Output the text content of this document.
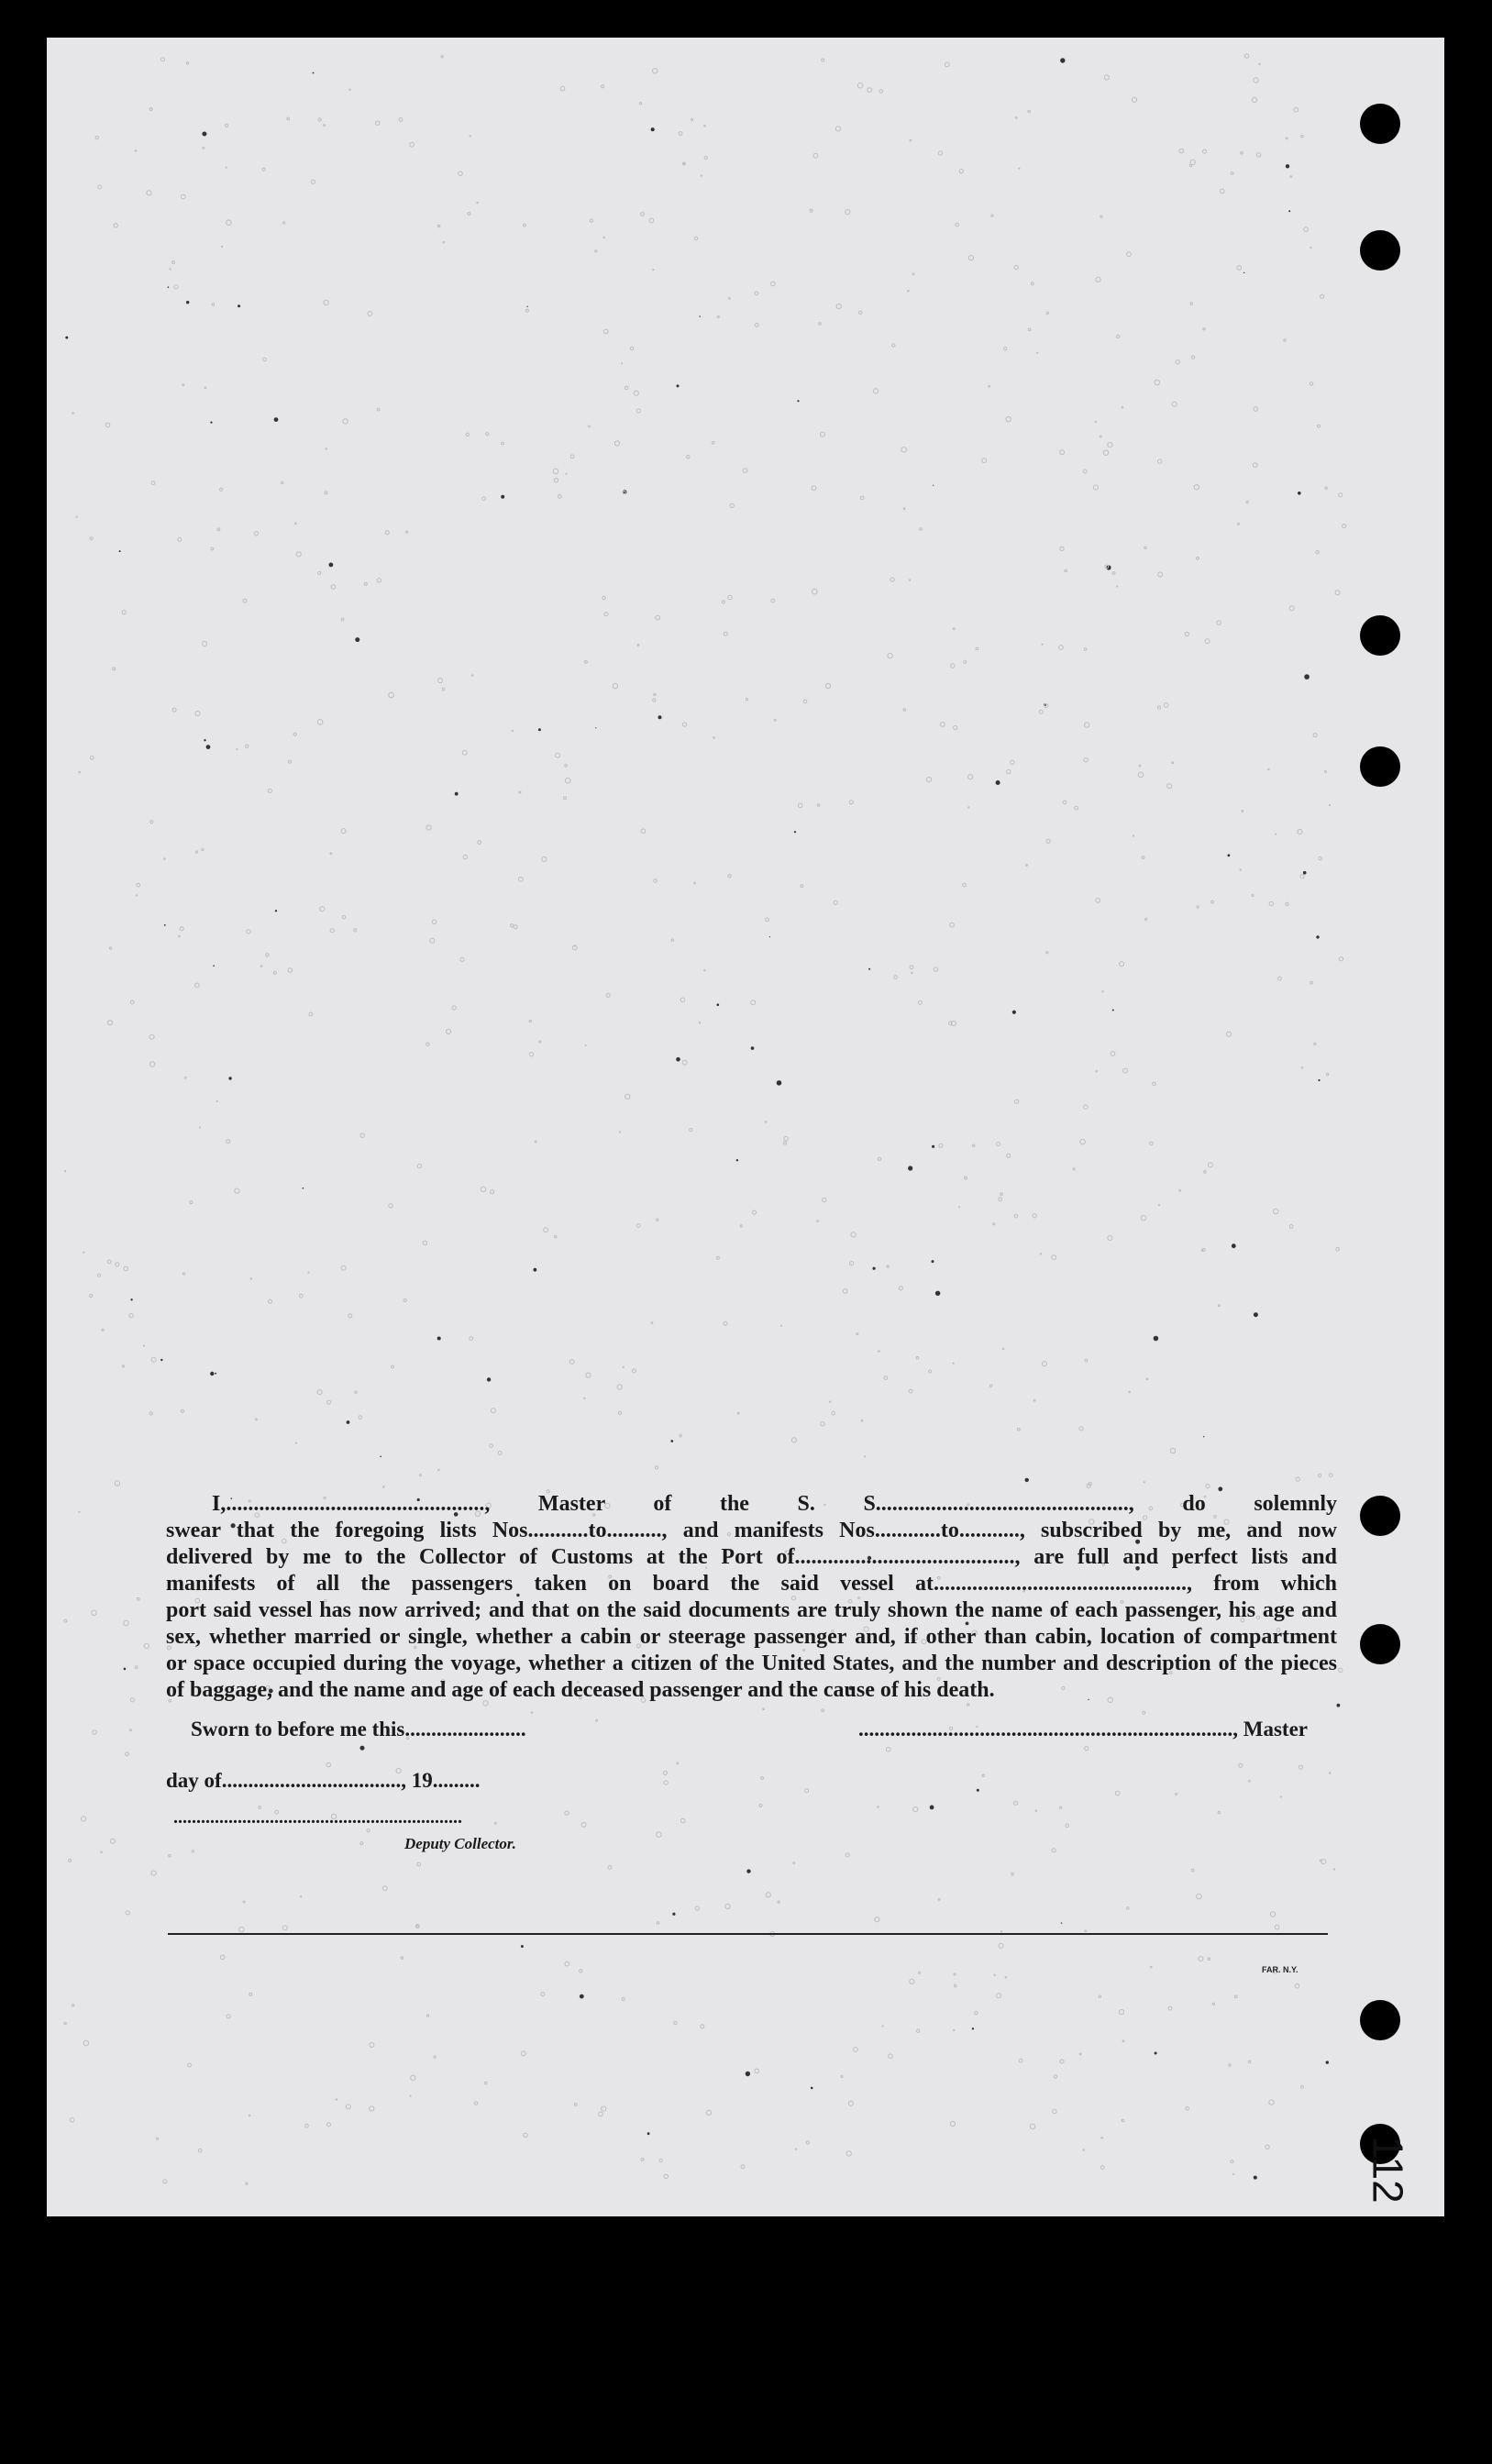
I,..............................................., Master of the S. S.............................................., do solemnly

swear that the foregoing lists Nos...........to.........., and manifests Nos............to..........., subscribed by me, and now

delivered by me to the Collector of Customs at the Port of........................................, are full and perfect lists and

manifests of all the passengers taken on board the said vessel at.............................................., from which

port said vessel has now arrived; and that on the said documents are truly shown the name of each passenger, his age and

sex, whether married or single, whether a cabin or steerage passenger and, if other than cabin, location of compartment

or space occupied during the voyage, whether a citizen of the United States, and the number and description of the pieces

of baggage, and the name and age of each deceased passenger and the cause of his death.

Sworn to before me this.......................	......................................................................., Master
day of.................................., 19.........
...............................................................
Deputy Collector.
FAR. N.Y.
112
